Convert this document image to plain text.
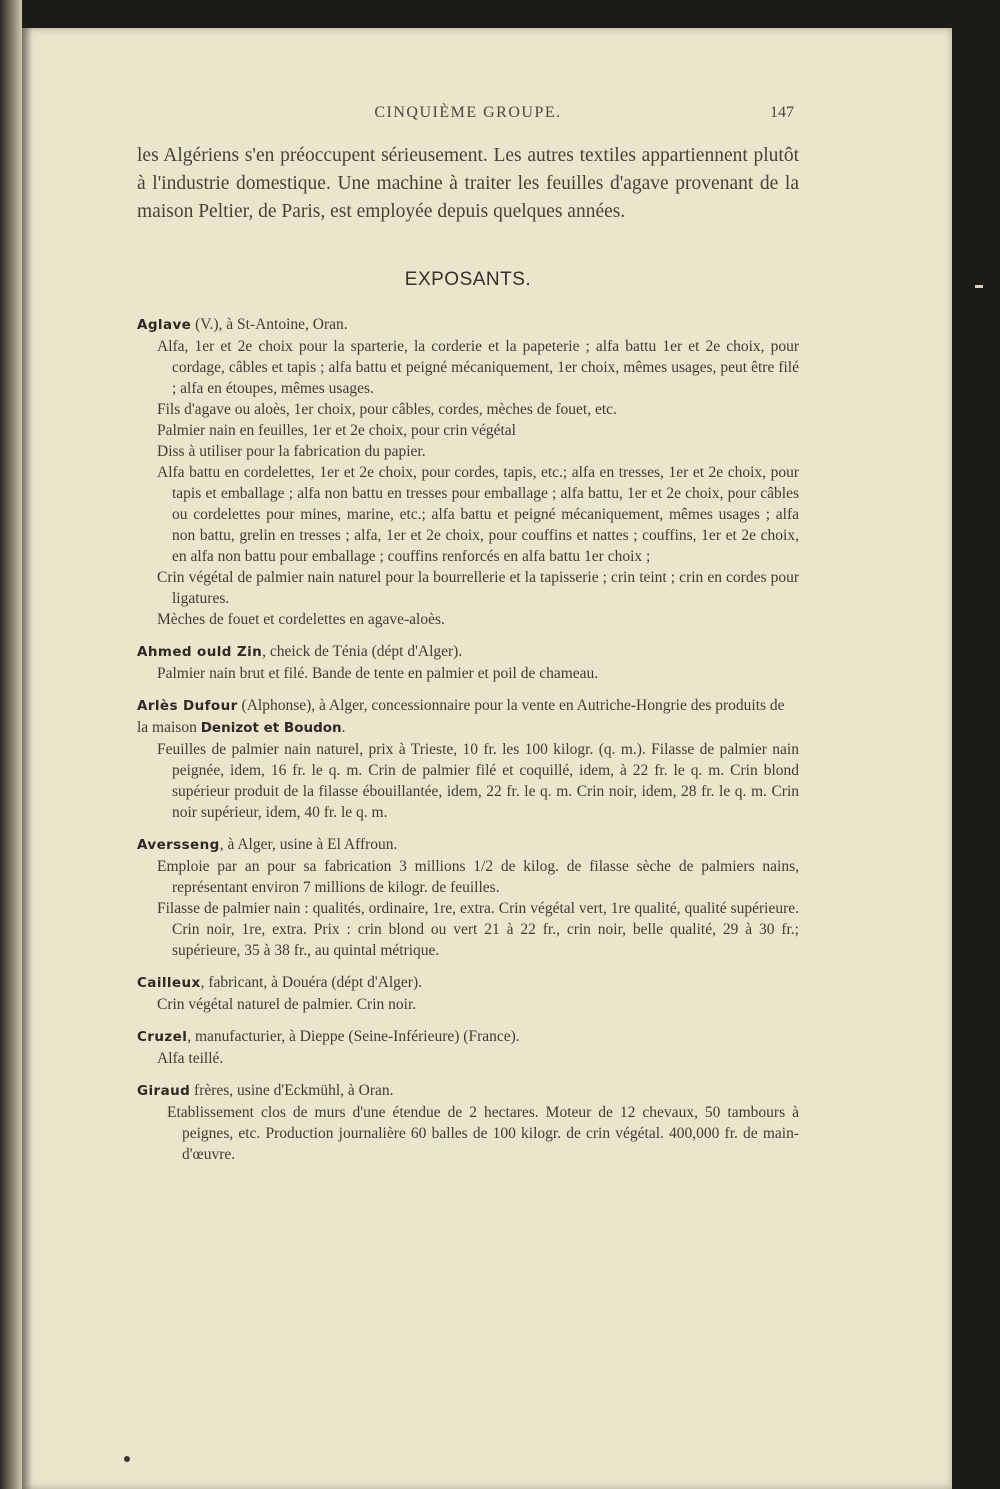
CINQUIÈME GROUPE.	147

les Algériens s'en préoccupent sérieusement. Les autres textiles appartiennent plutôt à l'industrie domestique. Une machine à traiter les feuilles d'agave provenant de la maison Peltier, de Paris, est employée depuis quelques années.

EXPOSANTS.

Aglave (V.), à St-Antoine, Oran.

Alfa, 1er et 2e choix pour la sparterie, la corderie et la papeterie ; alfa battu 1er et 2e choix, pour cordage, câbles et tapis ; alfa battu et peigné mécaniquement, 1er choix, mêmes usages, peut être filé ; alfa en étoupes, mêmes usages.

Fils d'agave ou aloès, 1er choix, pour câbles, cordes, mèches de fouet, etc.

Palmier nain en feuilles, 1er et 2e choix, pour crin végétal

Diss à utiliser pour la fabrication du papier.

Alfa battu en cordelettes, 1er et 2e choix, pour cordes, tapis, etc.; alfa en tresses, 1er et 2e choix, pour tapis et emballage ; alfa non battu en tresses pour emballage ; alfa battu, 1er et 2e choix, pour câbles ou cordelettes pour mines, marine, etc.; alfa battu et peigné mécaniquement, mêmes usages ; alfa non battu, grelin en tresses ; alfa, 1er et 2e choix, pour couffins et nattes ; couffins, 1er et 2e choix, en alfa non battu pour emballage ; couffins renforcés en alfa battu 1er choix ;

Crin végétal de palmier nain naturel pour la bourrellerie et la tapisserie ; crin teint ; crin en cordes pour ligatures.

Mèches de fouet et cordelettes en agave-aloès.

Ahmed ould Zin, cheick de Ténia (dépt d'Alger).

Palmier nain brut et filé. Bande de tente en palmier et poil de chameau.

Arlès Dufour (Alphonse), à Alger, concessionnaire pour la vente en Autriche-Hongrie des produits de la maison Denizot et Boudon.

Feuilles de palmier nain naturel, prix à Trieste, 10 fr. les 100 kilogr. (q. m.). Filasse de palmier nain peignée, idem, 16 fr. le q. m. Crin de palmier filé et coquillé, idem, à 22 fr. le q. m. Crin blond supérieur produit de la filasse ébouillantée, idem, 22 fr. le q. m. Crin noir, idem, 28 fr. le q. m. Crin noir supérieur, idem, 40 fr. le q. m.

Aversseng, à Alger, usine à El Affroun.

Emploie par an pour sa fabrication 3 millions 1/2 de kilog. de filasse sèche de palmiers nains, représentant environ 7 millions de kilogr. de feuilles.

Filasse de palmier nain : qualités, ordinaire, 1re, extra. Crin végétal vert, 1re qualité, qualité supérieure. Crin noir, 1re, extra. Prix : crin blond ou vert 21 à 22 fr., crin noir, belle qualité, 29 à 30 fr.; supérieure, 35 à 38 fr., au quintal métrique.

Cailleux, fabricant, à Douéra (dépt d'Alger).

Crin végétal naturel de palmier. Crin noir.

Cruzel, manufacturier, à Dieppe (Seine-Inférieure) (France).

Alfa teillé.

Giraud frères, usine d'Eckmühl, à Oran.

Etablissement clos de murs d'une étendue de 2 hectares. Moteur de 12 chevaux, 50 tambours à peignes, etc. Production journalière 60 balles de 100 kilogr. de crin végétal. 400,000 fr. de main-d'œuvre.
